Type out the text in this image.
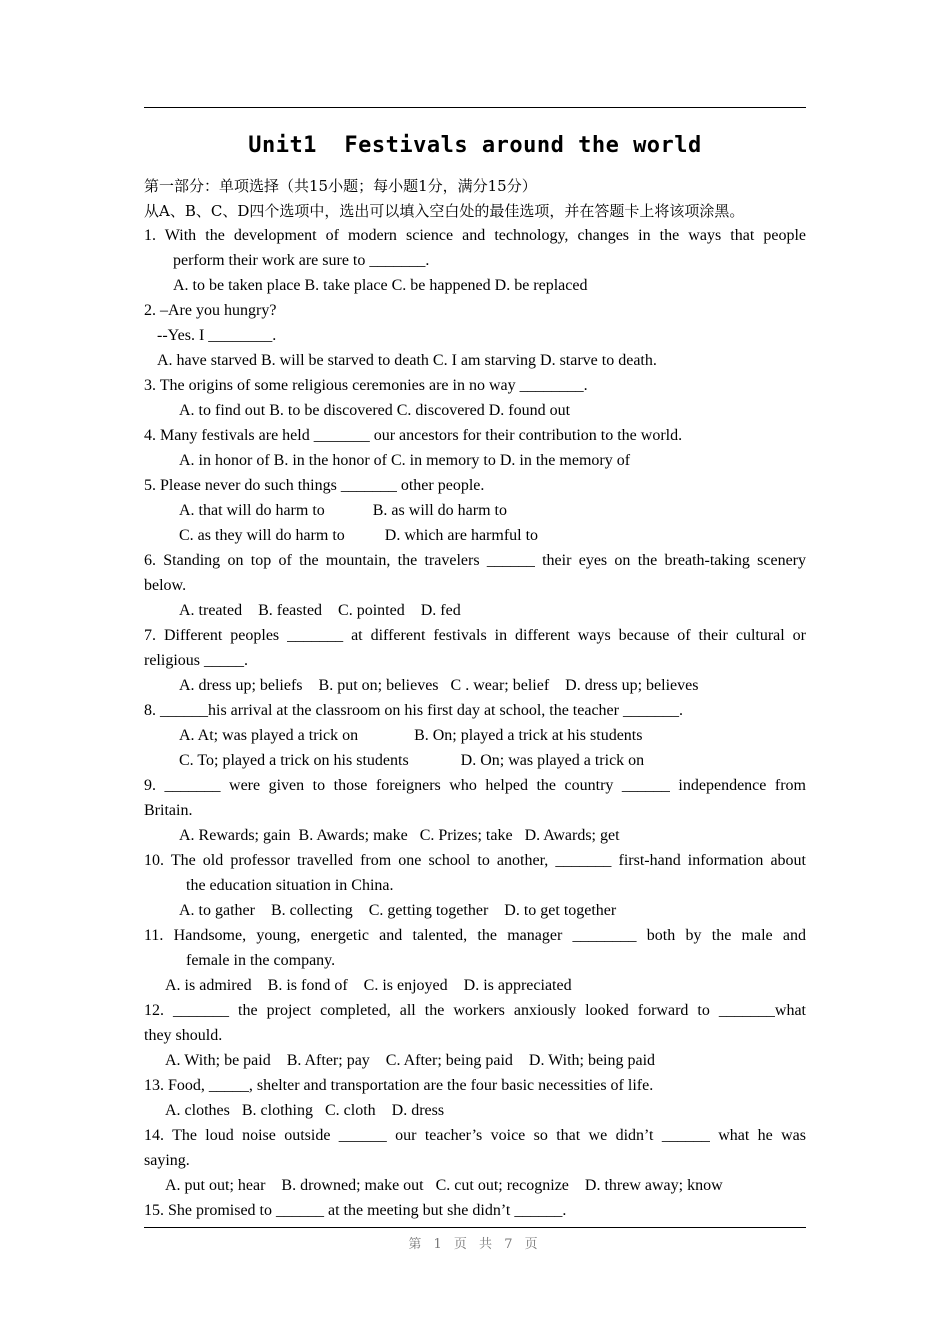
Unit1  Festivals around the world
第一部分：单项选择（共15小题；每小题1分，满分15分）
从A、B、C、D四个选项中，选出可以填入空白处的最佳选项，并在答题卡上将该项涂黑。
1. With the development of modern science and technology, changes in the ways that people
perform their work are sure to _______.
A. to be taken place B. take place C. be happened D. be replaced
2. –Are you hungry?
--Yes. I ________.
A. have starved B. will be starved to death C. I am starving D. starve to death.
3. The origins of some religious ceremonies are in no way ________.
A. to find out B. to be discovered C. discovered D. found out
4. Many festivals are held _______ our ancestors for their contribution to the world.
A. in honor of B. in the honor of C. in memory to D. in the memory of
5. Please never do such things _______ other people.
A. that will do harm to            B. as will do harm to
C. as they will do harm to          D. which are harmful to
6. Standing on top of the mountain, the travelers ______ their eyes on the breath-taking scenery
below.
A. treated    B. feasted    C. pointed    D. fed
7. Different peoples _______ at different festivals in different ways because of their cultural or
religious _____.
A. dress up; beliefs    B. put on; believes   C . wear; belief    D. dress up; believes
8. ______his arrival at the classroom on his first day at school, the teacher _______.
A. At; was played a trick on              B. On; played a trick at his students
C. To; played a trick on his students             D. On; was played a trick on
9. _______ were given to those foreigners who helped the country ______ independence from
Britain.
A. Rewards; gain  B. Awards; make   C. Prizes; take   D. Awards; get
10. The old professor travelled from one school to another, _______ first-hand information about
the education situation in China.
A. to gather    B. collecting    C. getting together    D. to get together
11. Handsome, young, energetic and talented, the manager ________ both by the male and
female in the company.
A. is admired    B. is fond of    C. is enjoyed    D. is appreciated
12. _______ the project completed, all the workers anxiously looked forward to _______what
they should.
A. With; be paid    B. After; pay    C. After; being paid    D. With; being paid
13. Food, _____, shelter and transportation are the four basic necessities of life.
A. clothes   B. clothing   C. cloth    D. dress
14. The loud noise outside ______ our teacher’s voice so that we didn’t ______ what he was
saying.
A. put out; hear    B. drowned; make out   C. cut out; recognize    D. threw away; know
15. She promised to ______ at the meeting but she didn’t ______.
第 1 页 共 7 页
